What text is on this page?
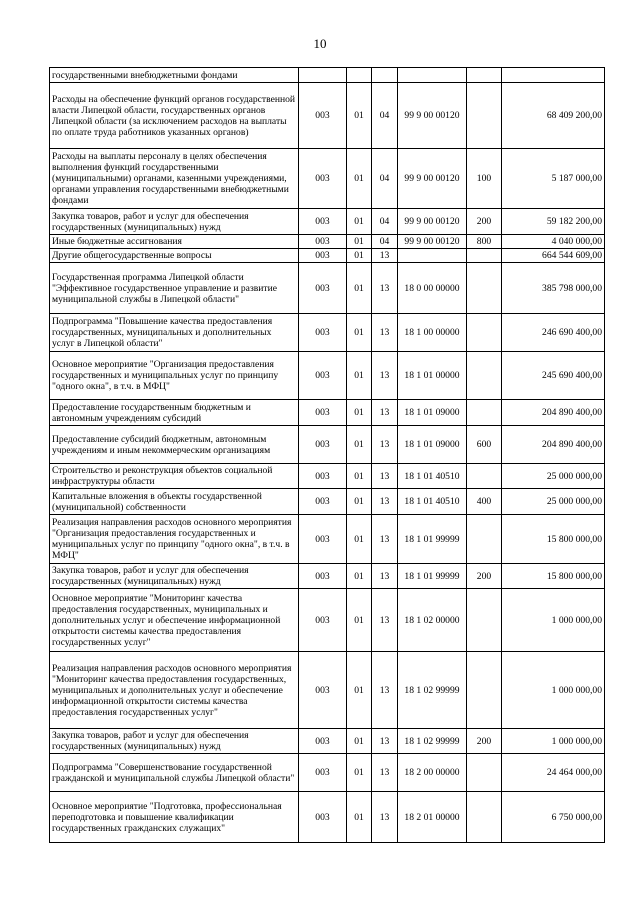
10
государственными внебюджетными фондами						
Расходы на обеспечение функций органов государственной власти Липецкой области, государственных органов Липецкой области (за исключением расходов на выплаты по оплате труда работников указанных органов)	003	01	04	99 9 00 00120		68 409 200,00
Расходы на выплаты персоналу в целях обеспечения выполнения функций государственными (муниципальными) органами, казенными учреждениями, органами управления государственными внебюджетными фондами	003	01	04	99 9 00 00120	100	5 187 000,00
Закупка товаров, работ и услуг для обеспечения государственных (муниципальных) нужд	003	01	04	99 9 00 00120	200	59 182 200,00
Иные бюджетные ассигнования	003	01	04	99 9 00 00120	800	4 040 000,00
Другие общегосударственные вопросы	003	01	13			664 544 609,00
Государственная программа Липецкой области "Эффективное государственное управление и развитие муниципальной службы в Липецкой области"	003	01	13	18 0 00 00000		385 798 000,00
Подпрограмма "Повышение качества предоставления государственных, муниципальных и дополнительных услуг в Липецкой области"	003	01	13	18 1 00 00000		246 690 400,00
Основное мероприятие "Организация предоставления государственных и муниципальных услуг по принципу "одного окна", в т.ч. в МФЦ"	003	01	13	18 1 01 00000		245 690 400,00
Предоставление государственным бюджетным и автономным учреждениям субсидий	003	01	13	18 1 01 09000		204 890 400,00
Предоставление субсидий бюджетным, автономным учреждениям и иным некоммерческим организациям	003	01	13	18 1 01 09000	600	204 890 400,00
Строительство и реконструкция объектов социальной инфраструктуры области	003	01	13	18 1 01 40510		25 000 000,00
Капитальные вложения в объекты государственной (муниципальной) собственности	003	01	13	18 1 01 40510	400	25 000 000,00
Реализация направления расходов основного мероприятия "Организация предоставления государственных и муниципальных услуг по принципу "одного окна", в т.ч. в МФЦ"	003	01	13	18 1 01 99999		15 800 000,00
Закупка товаров, работ и услуг для обеспечения государственных (муниципальных) нужд	003	01	13	18 1 01 99999	200	15 800 000,00
Основное мероприятие "Мониторинг качества предоставления государственных, муниципальных и дополнительных услуг и обеспечение информационной открытости системы качества предоставления государственных услуг"	003	01	13	18 1 02 00000		1 000 000,00
Реализация направления расходов основного мероприятия "Мониторинг качества предоставления государственных, муниципальных и дополнительных услуг и обеспечение информационной открытости системы качества предоставления государственных услуг"	003	01	13	18 1 02 99999		1 000 000,00
Закупка товаров, работ и услуг для обеспечения государственных (муниципальных) нужд	003	01	13	18 1 02 99999	200	1 000 000,00
Подпрограмма "Совершенствование государственной гражданской и муниципальной службы Липецкой области"	003	01	13	18 2 00 00000		24 464 000,00
Основное мероприятие "Подготовка, профессиональная переподготовка и повышение квалификации государственных гражданских служащих"	003	01	13	18 2 01 00000		6 750 000,00
